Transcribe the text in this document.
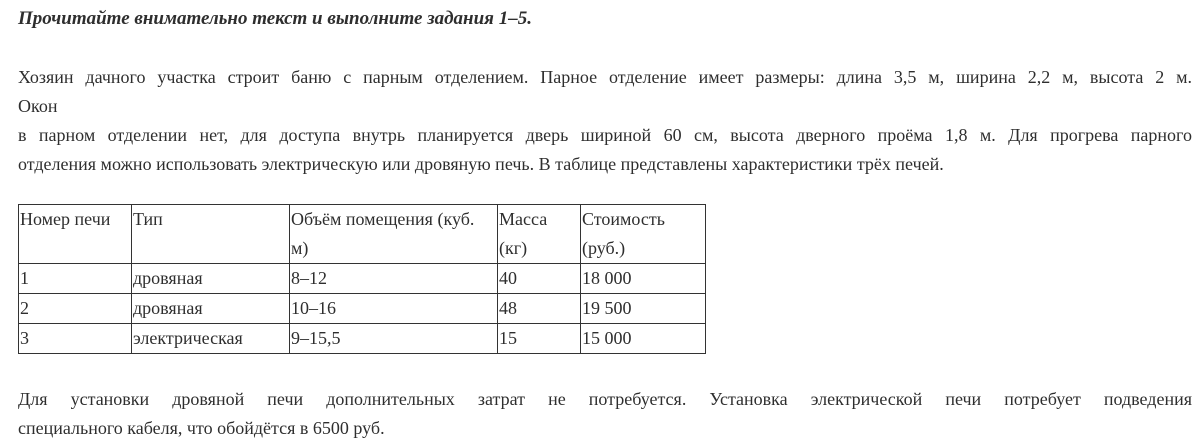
Прочитайте внимательно текст и выполните задания 1–5.
Хозяин дачного участка строит баню с парным отделением. Парное отделение имеет размеры: длина 3,5 м, ширина 2,2 м, высота 2 м.
Окон
в парном отделении нет, для доступа внутрь планируется дверь шириной 60 см, высота дверного проёма 1,8 м. Для прогрева парного
отделения можно использовать электрическую или дровяную печь. В таблице представлены характеристики трёх печей.
Номер печи	Тип	Объём помещения (куб. м)	Масса (кг)	Стоимость (руб.)
1	дровяная	8–12	40	18 000
2	дровяная	10–16	48	19 500
3	электрическая	9–15,5	15	15 000
Для установки дровяной печи дополнительных затрат не потребуется. Установка электрической печи потребует подведения
специального кабеля, что обойдётся в 6500 руб.
